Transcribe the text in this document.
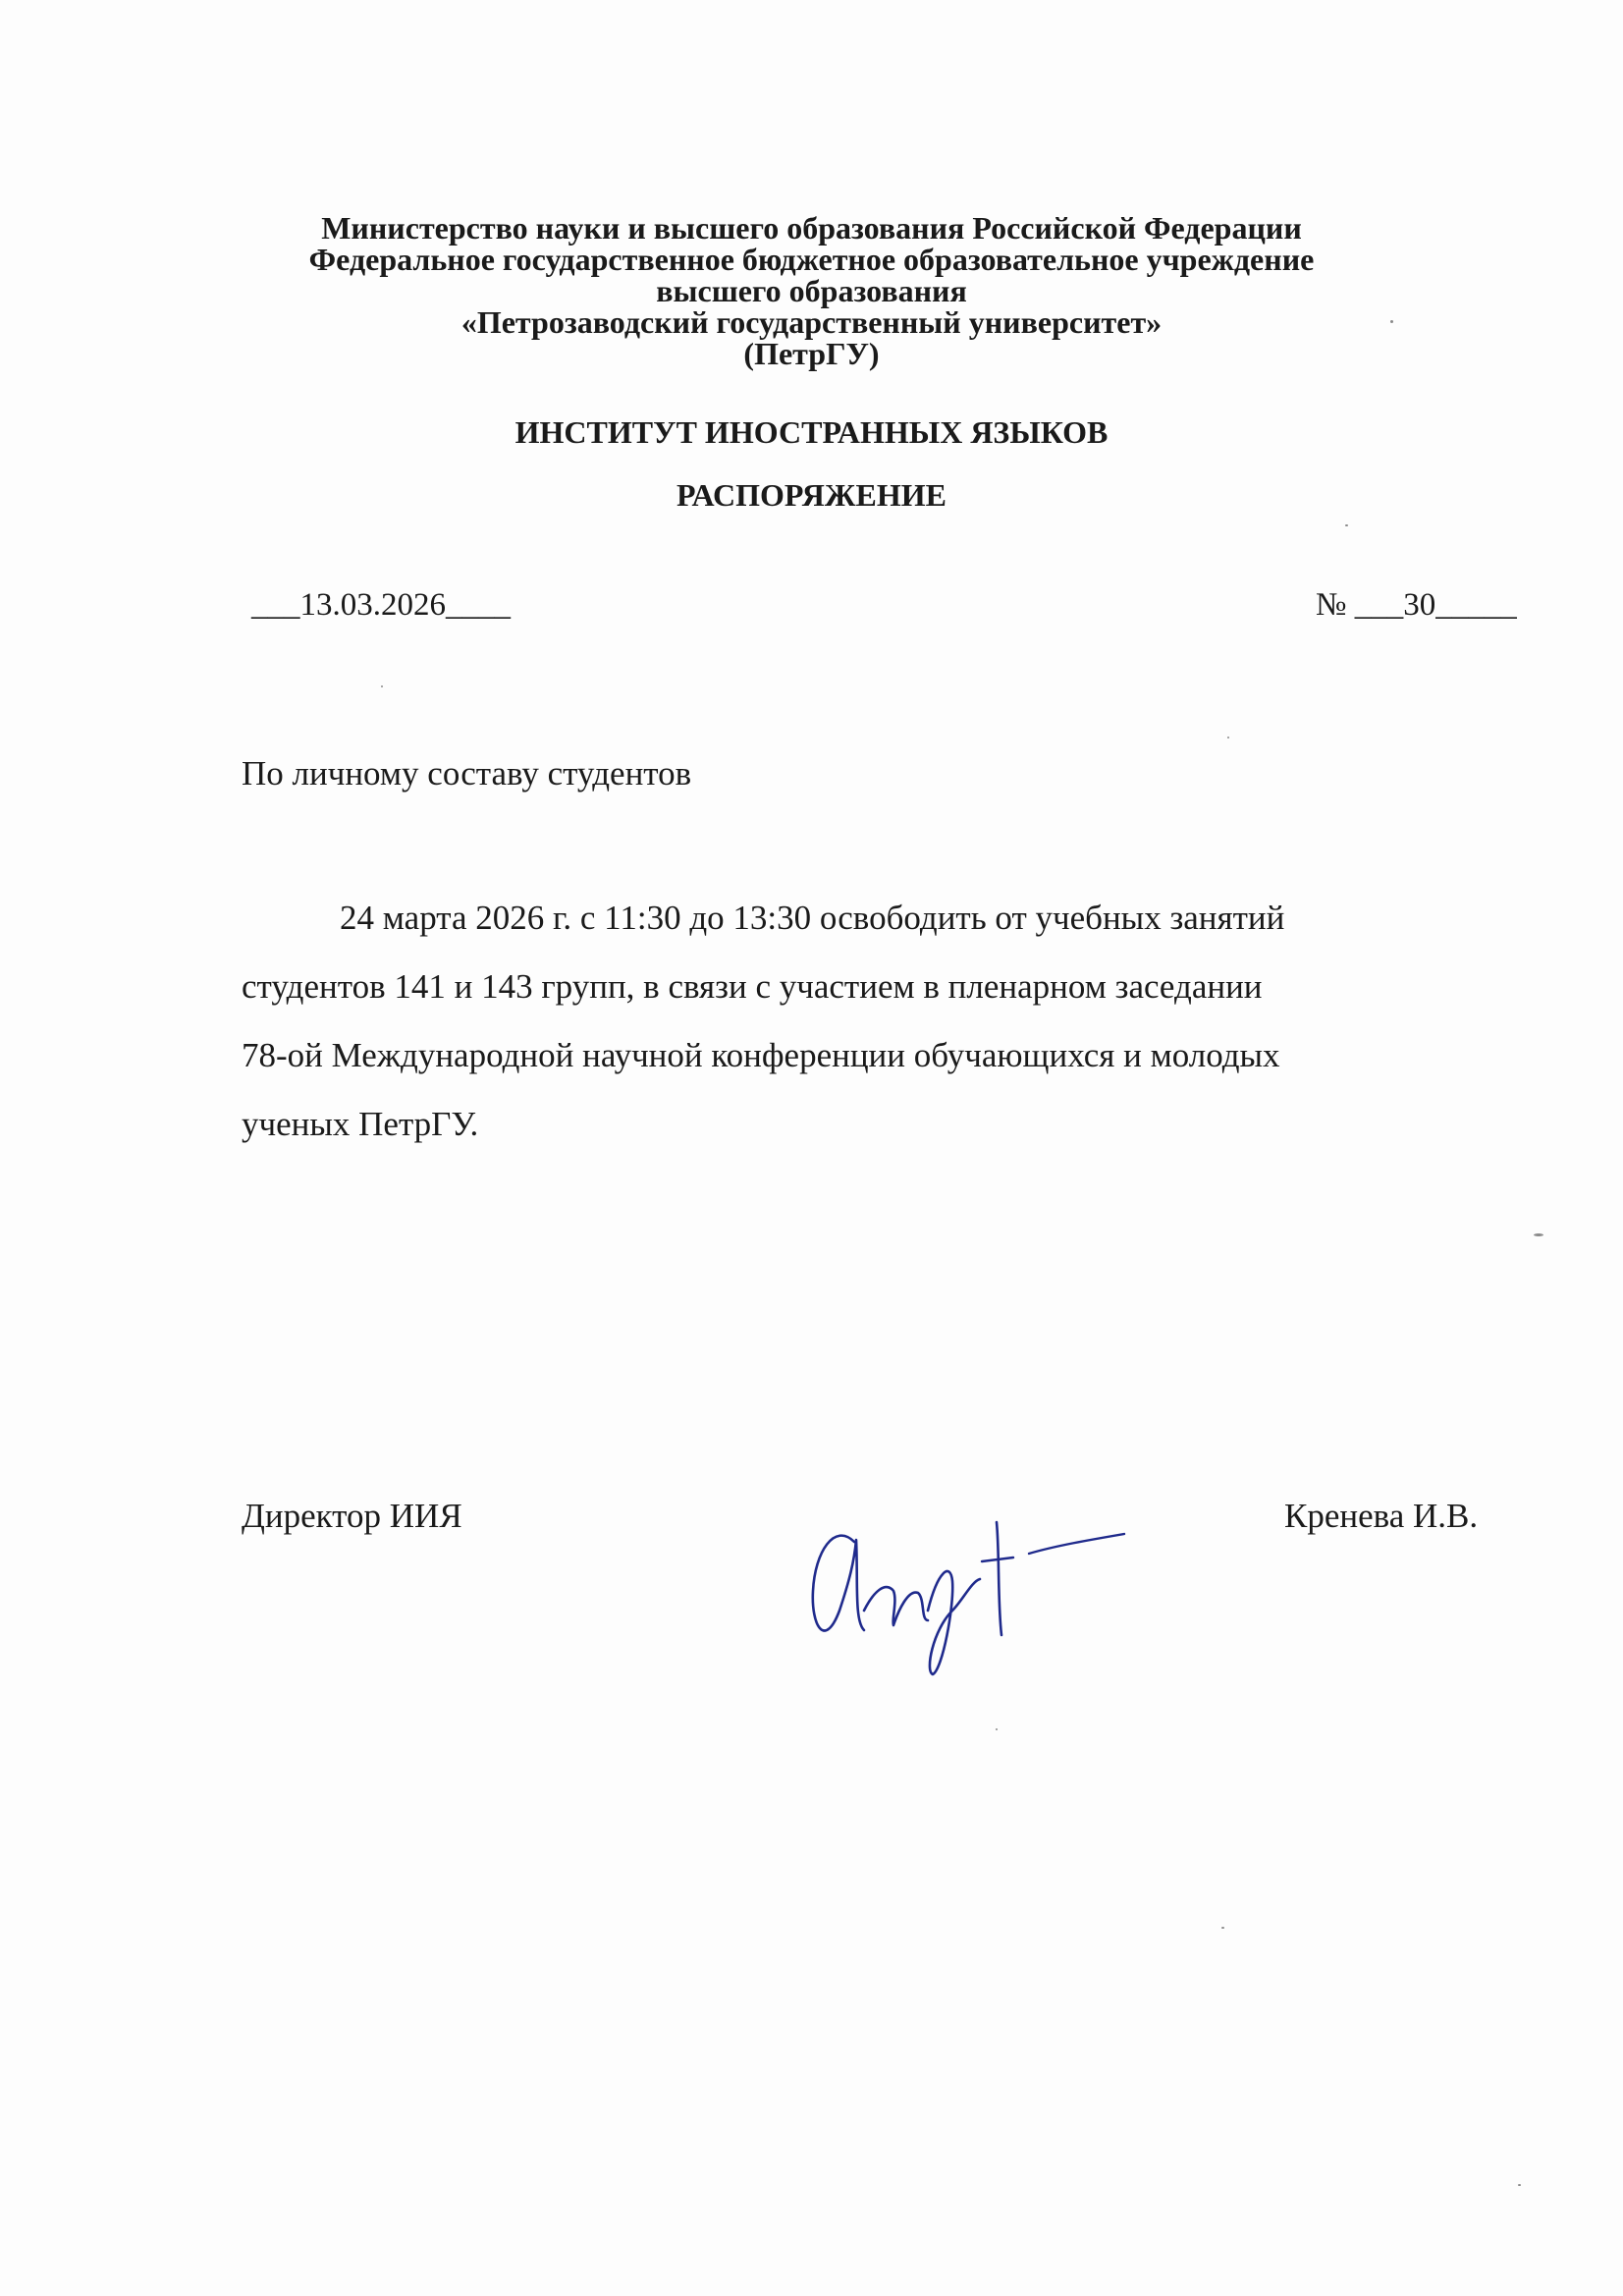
Министерство науки и высшего образования Российской Федерации
Федеральное государственное бюджетное образовательное учреждение
высшего образования
«Петрозаводский государственный университет»
(ПетрГУ)
ИНСТИТУТ ИНОСТРАННЫХ ЯЗЫКОВ
РАСПОРЯЖЕНИЕ
___13.03.2026____	№ ___30_____
По личному составу студентов
24 марта 2026 г. с 11:30 до 13:30 освободить от учебных занятий
студентов 141 и 143 групп, в связи с участием в пленарном заседании
78-ой Международной научной конференции обучающихся и молодых
ученых ПетрГУ.
Директор ИИЯ	Кренева И.В.
